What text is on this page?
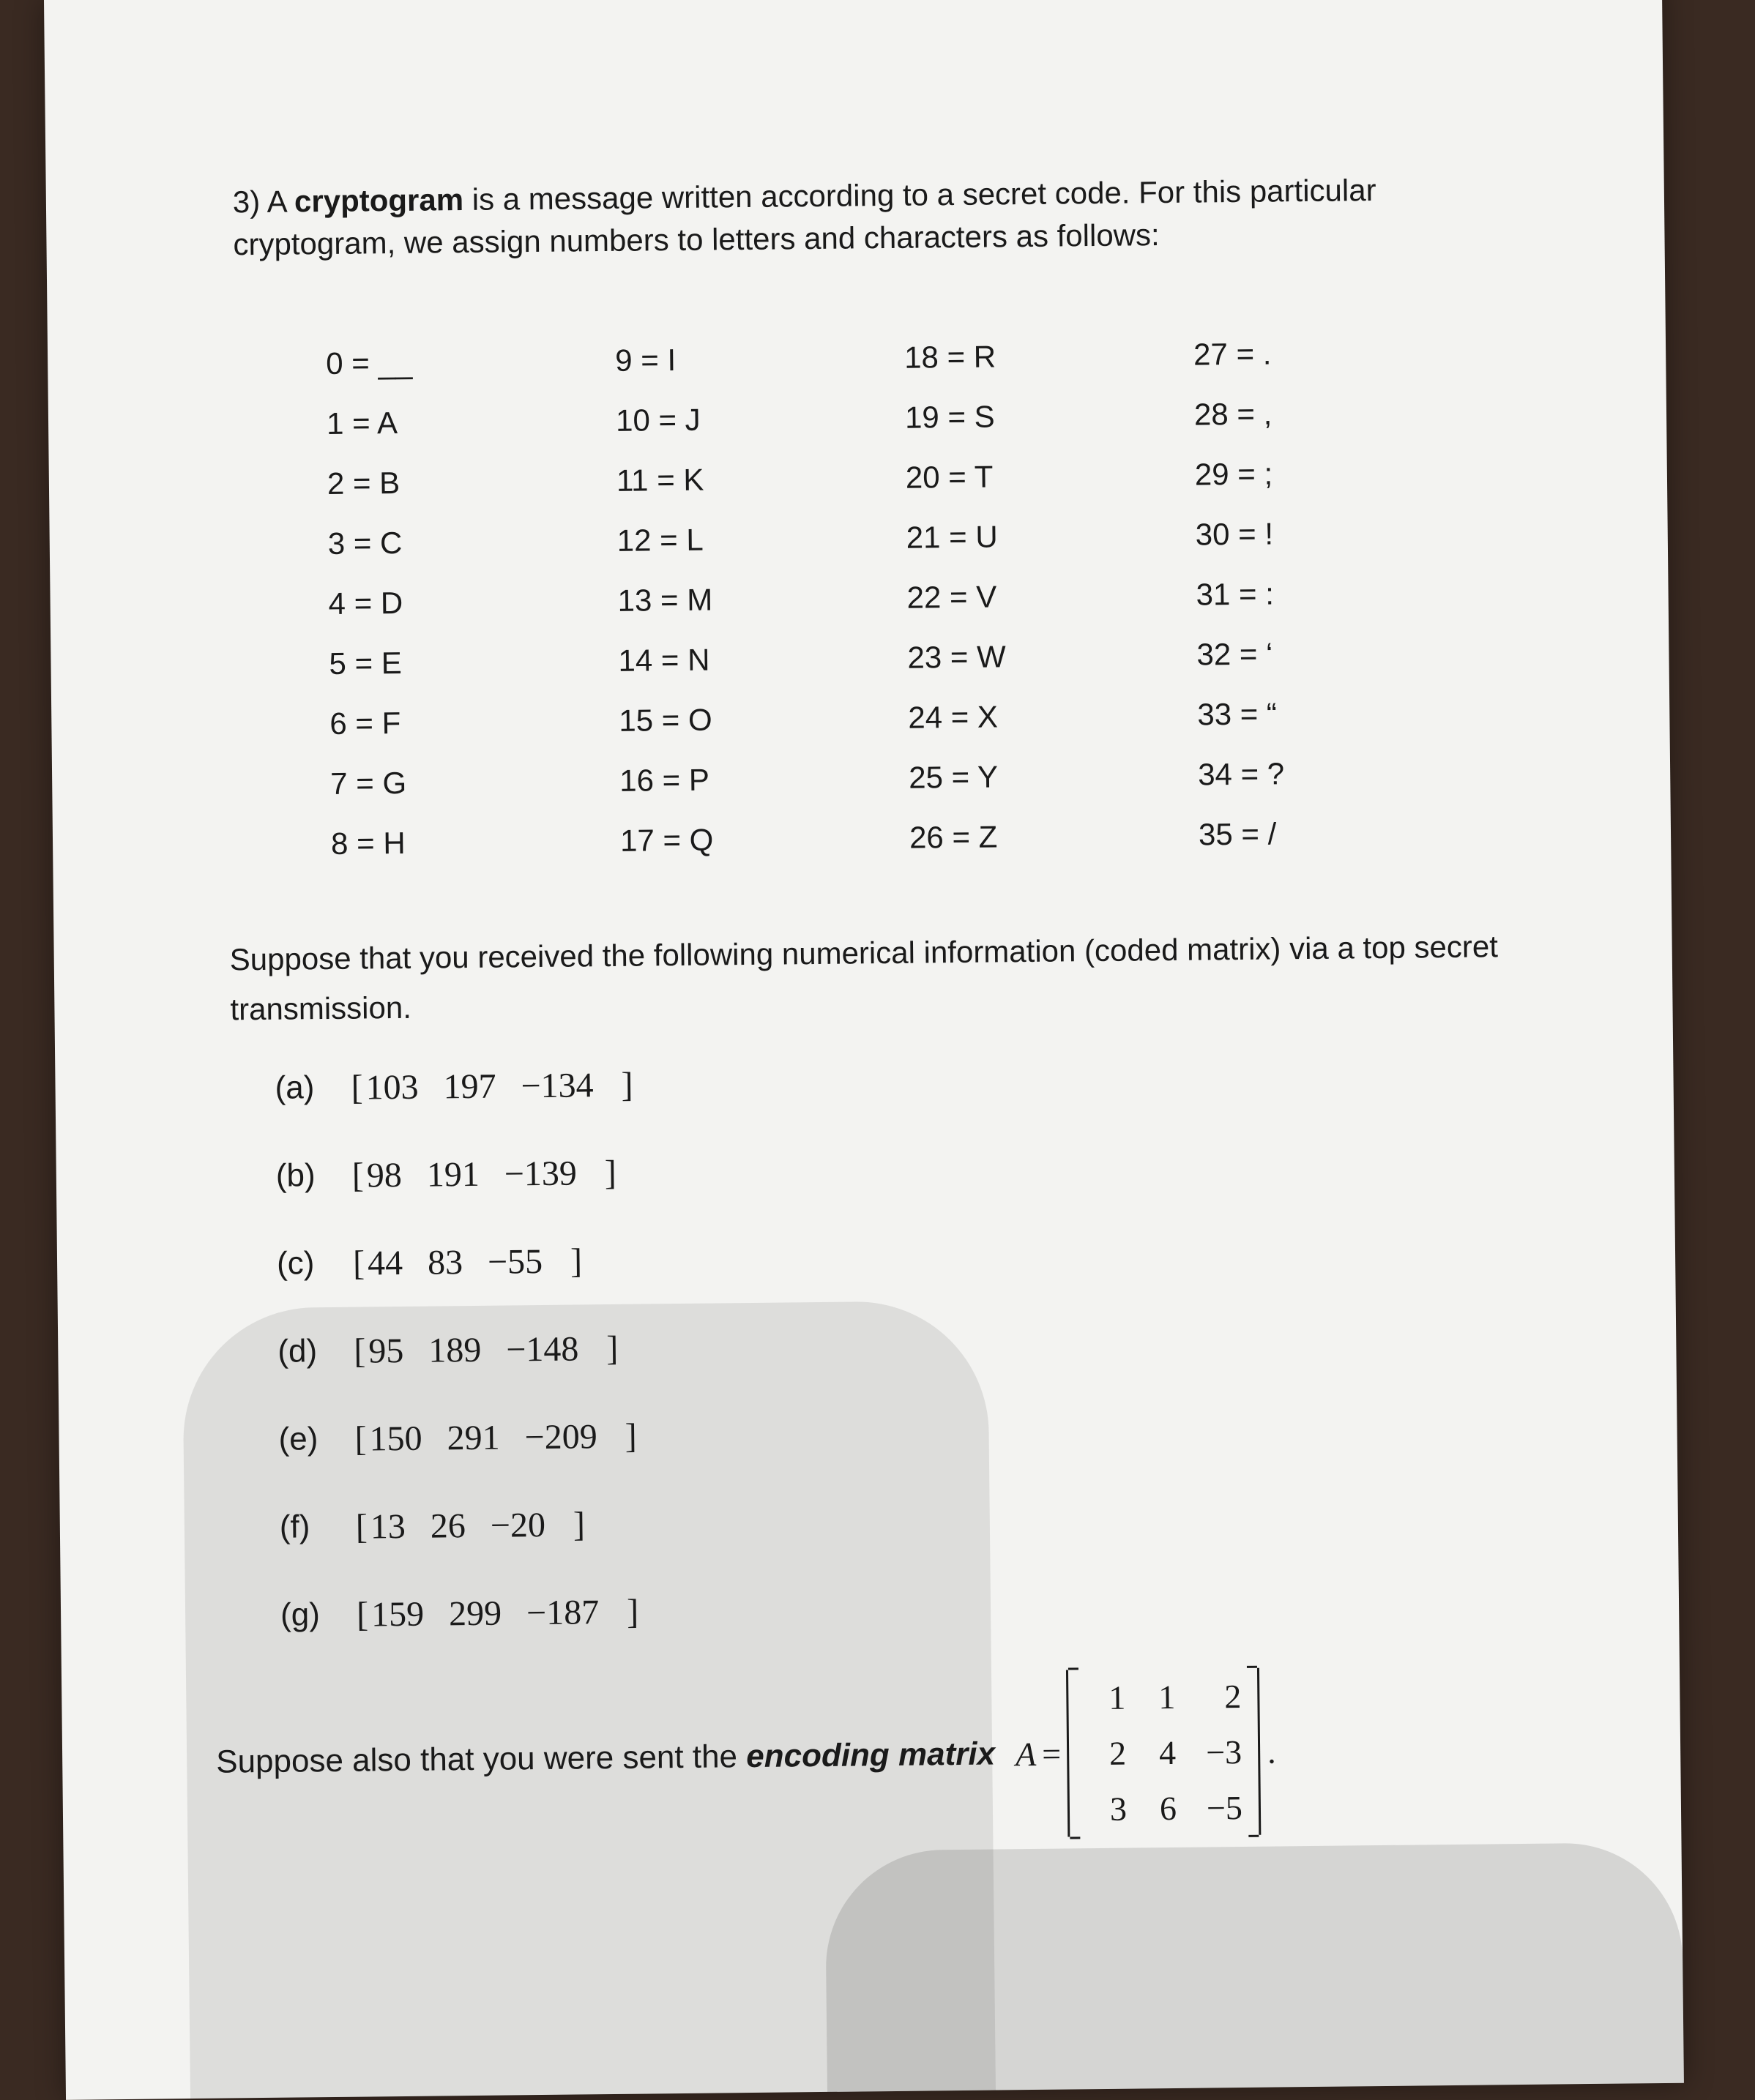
3) A cryptogram is a message written according to a secret code. For this particular cryptogram, we assign numbers to letters and characters as follows:

0 = __
1 = A
2 = B
3 = C
4 = D
5 = E
6 = F
7 = G
8 = H
9 = I
10 = J
11 = K
12 = L
13 = M
14 = N
15 = O
16 = P
17 = Q
18 = R
19 = S
20 = T
21 = U
22 = V
23 = W
24 = X
25 = Y
26 = Z
27 = .
28 = ,
29 = ;
30 = !
31 = :
32 = ‘
33 = “
34 = ?
35 = /

Suppose that you received the following numerical information (coded matrix) via a top secret transmission.

(a)	[103 197 −134 ]
(b)	[98 191 −139 ]
(c)	[44 83 −55 ]
(d)	[95 189 −148 ]
(e)	[150 291 −209 ]
(f)	[13 26 −20 ]
(g)	[159 299 −187 ]
Suppose also that you were sent the encoding matrix A =
1 1 2
2 4 −3
3 6 −5
.
